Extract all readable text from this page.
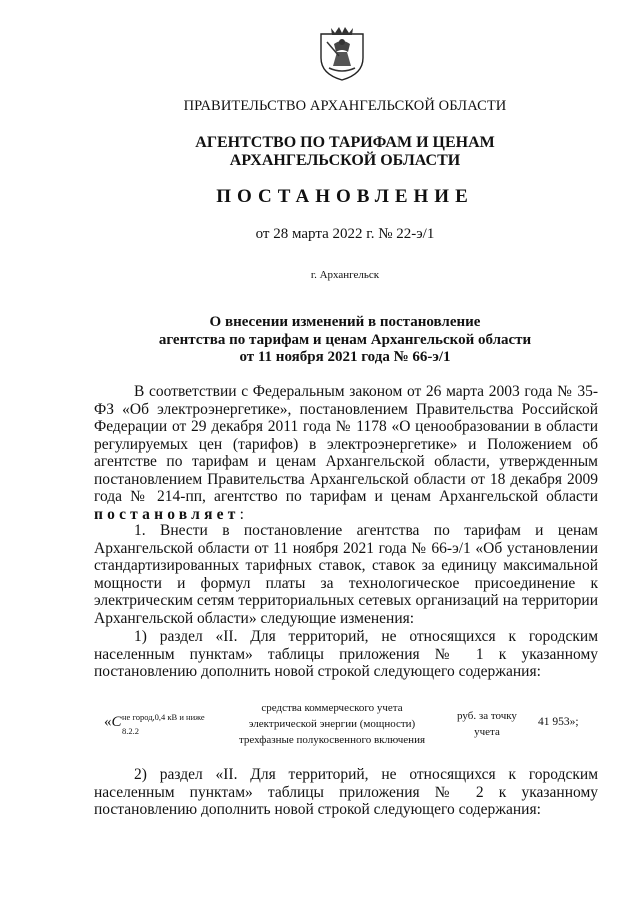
ПРАВИТЕЛЬСТВО АРХАНГЕЛЬСКОЙ ОБЛАСТИ
АГЕНТСТВО ПО ТАРИФАМ И ЦЕНАМ
АРХАНГЕЛЬСКОЙ ОБЛАСТИ
ПОСТАНОВЛЕНИЕ
от 28 марта 2022 г. № 22-э/1
г. Архангельск
О внесении изменений в постановление
агентства по тарифам и ценам Архангельской области
от 11 ноября 2021 года № 66-э/1
В соответствии с Федеральным законом от 26 марта 2003 года № 35-ФЗ «Об электроэнергетике», постановлением Правительства Российской Федерации от 29 декабря 2011 года № 1178 «О ценообразовании в области регулируемых цен (тарифов) в электроэнергетике» и Положением об агентстве по тарифам и ценам Архангельской области, утвержденным постановлением Правительства Архангельской области от 18 декабря 2009 года № 214-пп, агентство по тарифам и ценам Архангельской области постановляет:
1. Внести в постановление агентства по тарифам и ценам Архангельской области от 11 ноября 2021 года № 66-э/1 «Об установлении стандартизированных тарифных ставок, ставок за единицу максимальной мощности и формул платы за технологическое присоединение к электрическим сетям территориальных сетевых организаций на территории Архангельской области» следующие изменения:
1) раздел «II. Для территорий, не относящихся к городским населенным пунктам» таблицы приложения № 1 к указанному постановлению дополнить новой строкой следующего содержания:
«C не город,0,4 кВ и ниже
8.2.2
средства коммерческого учета
электрической энергии (мощности)
трехфазные полукосвенного включения
руб. за точку
учета
41 953»;
2) раздел «II. Для территорий, не относящихся к городским населенным пунктам» таблицы приложения № 2 к указанному постановлению дополнить новой строкой следующего содержания:
